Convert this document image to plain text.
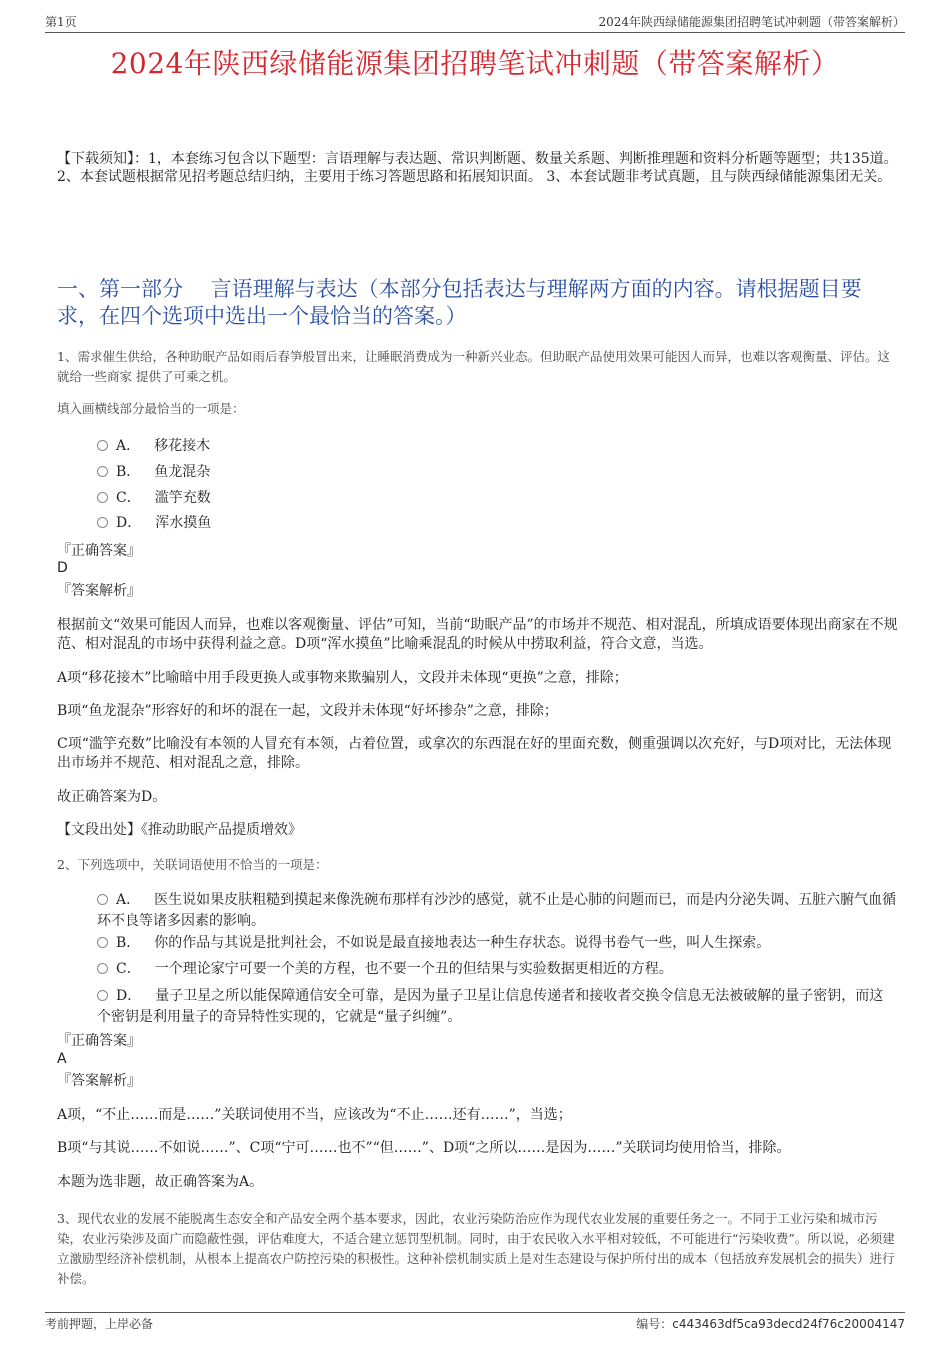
第1页	2024年陕西绿储能源集团招聘笔试冲刺题（带答案解析）
2024年陕西绿储能源集团招聘笔试冲刺题（带答案解析）
【下载须知】：1，本套练习包含以下题型：言语理解与表达题、常识判断题、数量关系题、判断推理题和资料分析题等题型；共135道。 2、本套试题根据常见招考题总结归纳，主要用于练习答题思路和拓展知识面。 3、本套试题非考试真题，且与陕西绿储能源集团无关。
一、第一部分　 言语理解与表达（本部分包括表达与理解两方面的内容。请根据题目要求，在四个选项中选出一个最恰当的答案。）
1、需求催生供给，各种助眠产品如雨后春笋般冒出来，让睡眠消费成为一种新兴业态。但助眠产品使用效果可能因人而异，也难以客观衡量、评估。这就给一些商家 提供了可乘之机。
填入画横线部分最恰当的一项是：
A． 移花接木
B． 鱼龙混杂
C． 滥竽充数
D． 浑水摸鱼
『正确答案』
D
『答案解析』
根据前文“效果可能因人而异，也难以客观衡量、评估”可知，当前“助眠产品”的市场并不规范、相对混乱，所填成语要体现出商家在不规范、相对混乱的市场中获得利益之意。D项“浑水摸鱼”比喻乘混乱的时候从中捞取利益，符合文意，当选。
A项“移花接木”比喻暗中用手段更换人或事物来欺骗别人，文段并未体现“更换”之意，排除；
B项“鱼龙混杂”形容好的和坏的混在一起，文段并未体现“好坏掺杂”之意，排除；
C项“滥竽充数”比喻没有本领的人冒充有本领，占着位置，或拿次的东西混在好的里面充数，侧重强调以次充好，与D项对比，无法体现出市场并不规范、相对混乱之意，排除。
故正确答案为D。
【文段出处】《推动助眠产品提质增效》
2、下列选项中，关联词语使用不恰当的一项是：
A． 医生说如果皮肤粗糙到摸起来像洗碗布那样有沙沙的感觉，就不止是心肺的问题而已，而是内分泌失调、五脏六腑气血循环不良等诸多因素的影响。
B． 你的作品与其说是批判社会，不如说是最直接地表达一种生存状态。说得书卷气一些，叫人生探索。
C． 一个理论家宁可要一个美的方程，也不要一个丑的但结果与实验数据更相近的方程。
D． 量子卫星之所以能保障通信安全可靠，是因为量子卫星让信息传递者和接收者交换令信息无法被破解的量子密钥，而这个密钥是利用量子的奇异特性实现的，它就是“量子纠缠”。
『正确答案』
A
『答案解析』
A项，“不止……而是……”关联词使用不当，应该改为“不止……还有……”，当选；
B项“与其说……不如说……”、C项“宁可……也不”“但……”、D项“之所以……是因为……”关联词均使用恰当，排除。
本题为选非题，故正确答案为A。
3、现代农业的发展不能脱离生态安全和产品安全两个基本要求，因此，农业污染防治应作为现代农业发展的重要任务之一。不同于工业污染和城市污染，农业污染涉及面广而隐蔽性强，评估难度大，不适合建立惩罚型机制。同时，由于农民收入水平相对较低，不可能进行“污染收费”。所以说，必须建立激励型经济补偿机制，从根本上提高农户防控污染的积极性。这种补偿机制实质上是对生态建设与保护所付出的成本（包括放弃发展机会的损失）进行补偿。
考前押题，上岸必备	编号：c443463df5ca93decd24f76c20004147
